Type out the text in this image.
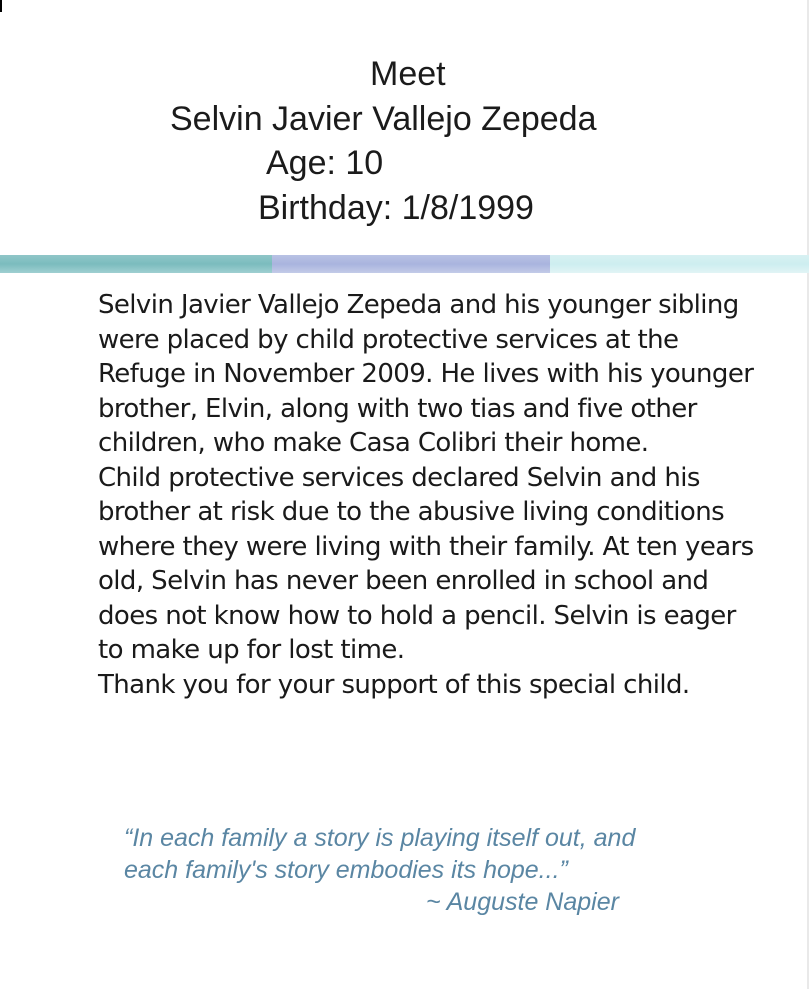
Meet
Selvin Javier Vallejo Zepeda
Age: 10
Birthday: 1/8/1999

Selvin Javier Vallejo Zepeda and his younger sibling were placed by child protective services at the Refuge in November 2009. He lives with his younger brother, Elvin, along with two tias and five other children, who make Casa Colibri their home.

Child protective services declared Selvin and his brother at risk due to the abusive living conditions where they were living with their family. At ten years old, Selvin has never been enrolled in school and does not know how to hold a pencil. Selvin is eager to make up for lost time.

Thank you for your support of this special child.

“In each family a story is playing itself out, and
each family's story embodies its hope...”
~ Auguste Napier
